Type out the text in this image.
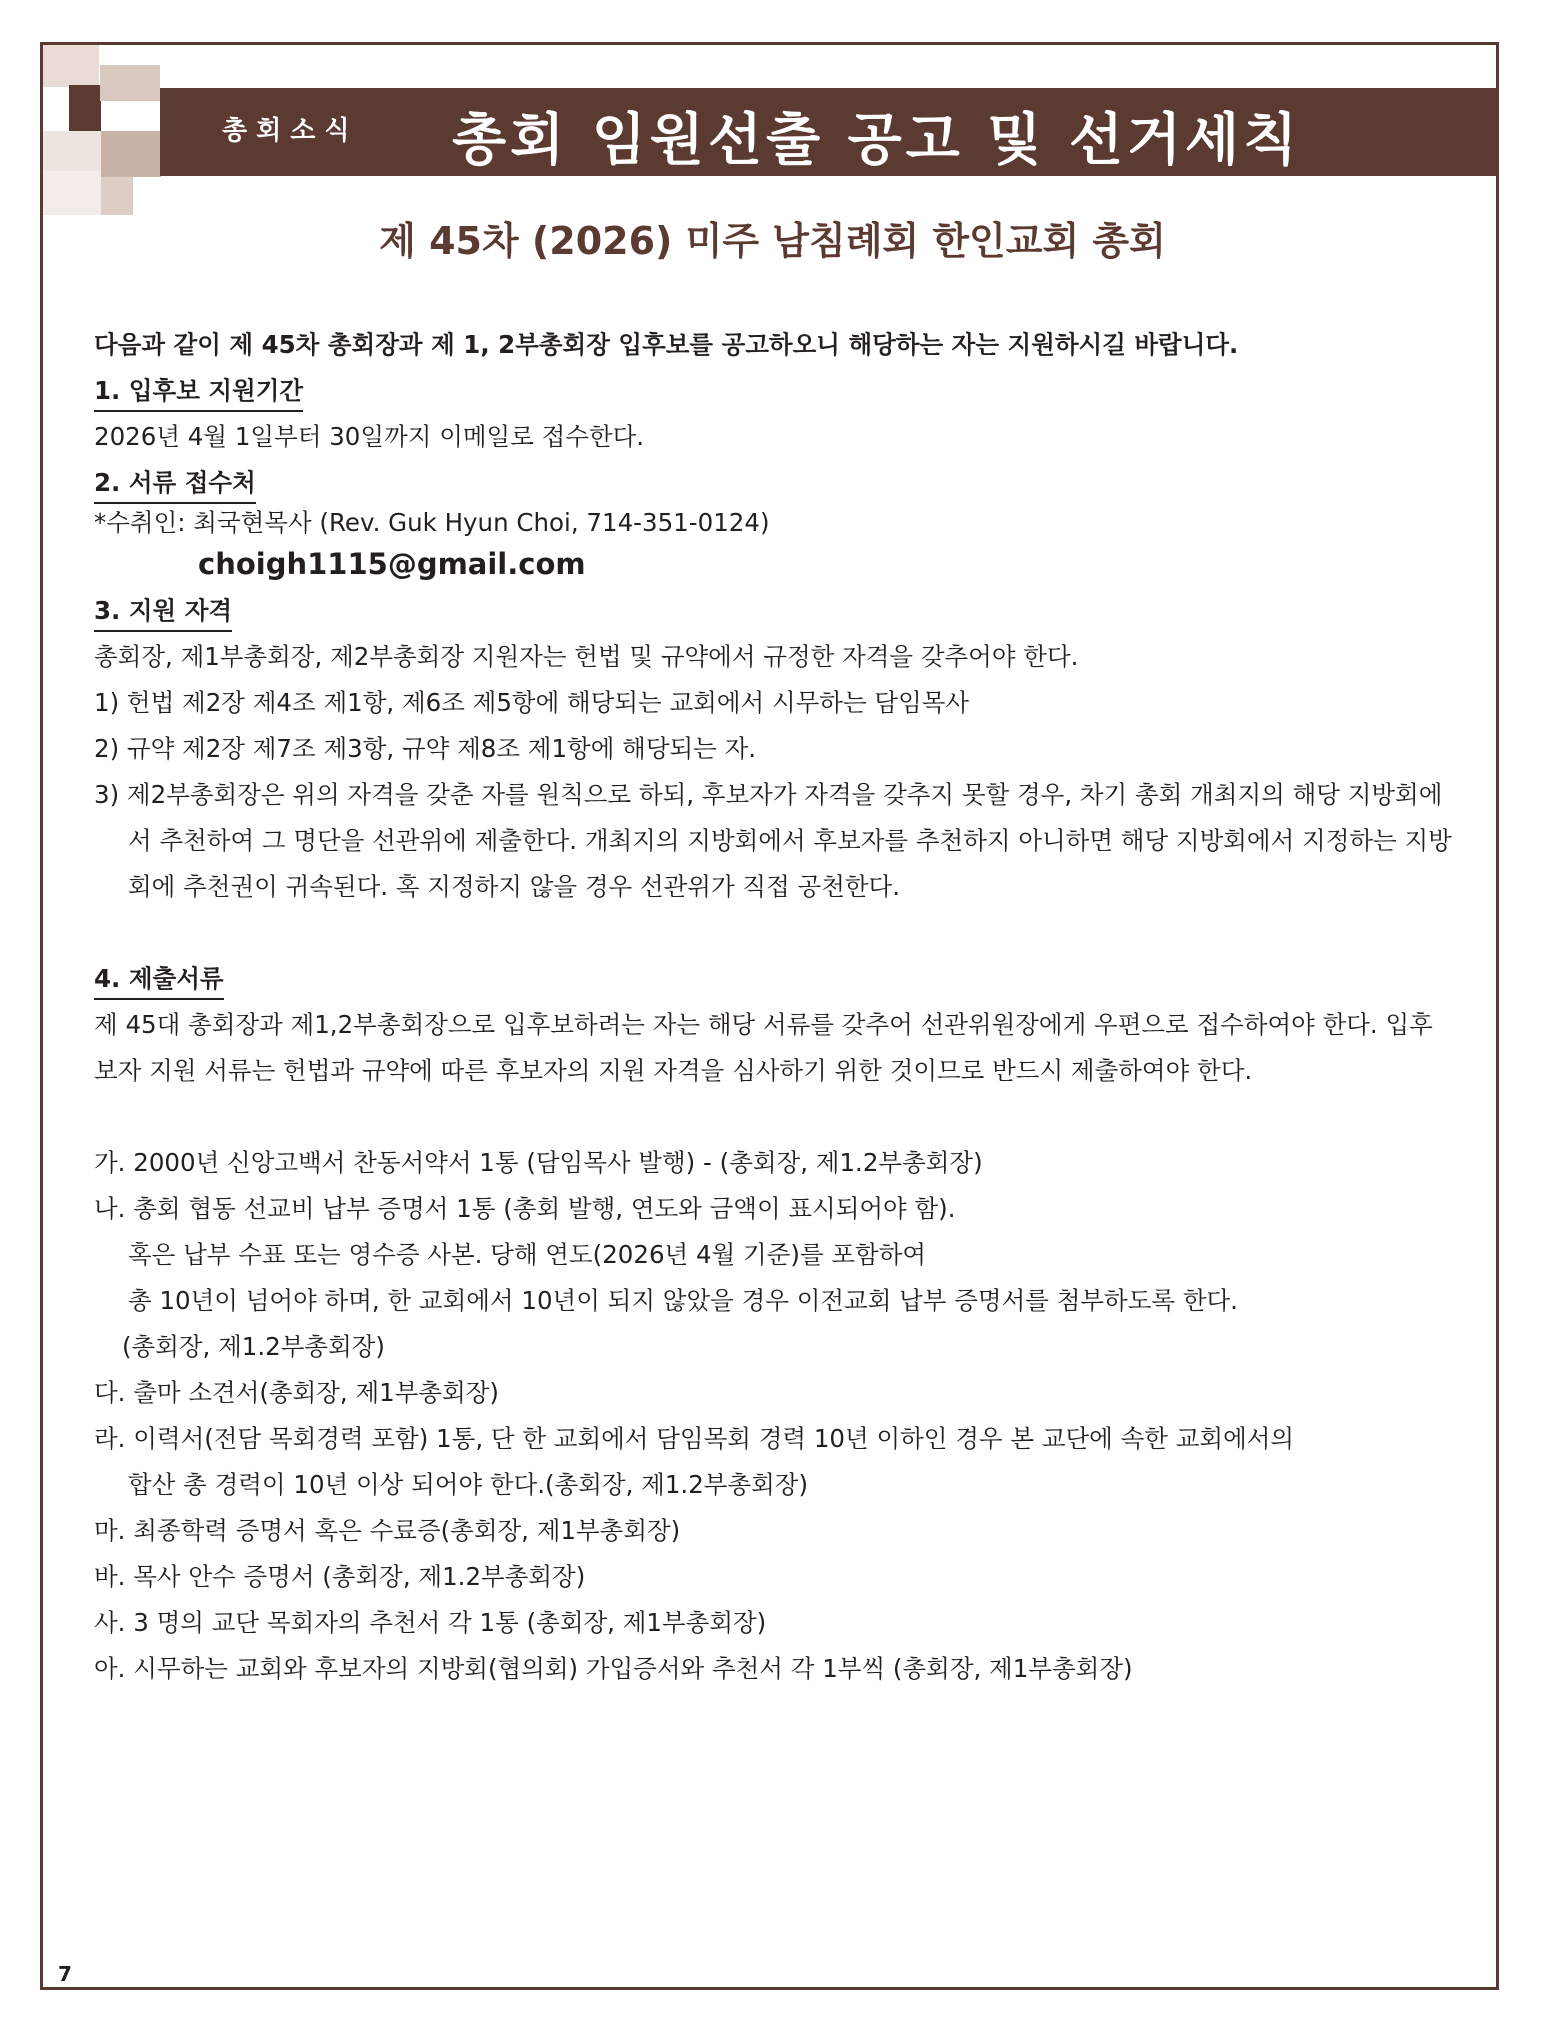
총회소식 총회 임원선출 공고 및 선거세칙
제 45차 (2026) 미주 남침례회 한인교회 총회

다음과 같이 제 45차 총회장과 제 1, 2부총회장 입후보를 공고하오니 해당하는 자는 지원하시길 바랍니다.

1. 입후보 지원기간

2026년 4월 1일부터 30일까지 이메일로 접수한다.

2. 서류 접수처

*수취인: 최국현목사 (Rev. Guk Hyun Choi, 714-351-0124)

choigh1115@gmail.com

3. 지원 자격

총회장, 제1부총회장, 제2부총회장 지원자는 헌법 및 규약에서 규정한 자격을 갖추어야 한다.

1) 헌법 제2장 제4조 제1항, 제6조 제5항에 해당되는 교회에서 시무하는 담임목사

2) 규약 제2장 제7조 제3항, 규약 제8조 제1항에 해당되는 자.

3) 제2부총회장은 위의 자격을 갖춘 자를 원칙으로 하되, 후보자가 자격을 갖추지 못할 경우, 차기 총회 개최지의 해당 지방회에서 추천하여 그 명단을 선관위에 제출한다. 개최지의 지방회에서 후보자를 추천하지 아니하면 해당 지방회에서 지정하는 지방회에 추천권이 귀속된다. 혹 지정하지 않을 경우 선관위가 직접 공천한다.

4. 제출서류

제 45대 총회장과 제1,2부총회장으로 입후보하려는 자는 해당 서류를 갖추어 선관위원장에게 우편으로 접수하여야 한다. 입후보자 지원 서류는 헌법과 규약에 따른 후보자의 지원 자격을 심사하기 위한 것이므로 반드시 제출하여야 한다.

가. 2000년 신앙고백서 찬동서약서 1통 (담임목사 발행) - (총회장, 제1.2부총회장)

나. 총회 협동 선교비 납부 증명서 1통 (총회 발행, 연도와 금액이 표시되어야 함).

혹은 납부 수표 또는 영수증 사본. 당해 연도(2026년 4월 기준)를 포함하여

총 10년이 넘어야 하며, 한 교회에서 10년이 되지 않았을 경우 이전교회 납부 증명서를 첨부하도록 한다.

(총회장, 제1.2부총회장)

다. 출마 소견서(총회장, 제1부총회장)

라. 이력서(전담 목회경력 포함) 1통, 단 한 교회에서 담임목회 경력 10년 이하인 경우 본 교단에 속한 교회에서의

합산 총 경력이 10년 이상 되어야 한다.(총회장, 제1.2부총회장)

마. 최종학력 증명서 혹은 수료증(총회장, 제1부총회장)

바. 목사 안수 증명서 (총회장, 제1.2부총회장)

사. 3 명의 교단 목회자의 추천서 각 1통 (총회장, 제1부총회장)

아. 시무하는 교회와 후보자의 지방회(협의회) 가입증서와 추천서 각 1부씩 (총회장, 제1부총회장)

7
